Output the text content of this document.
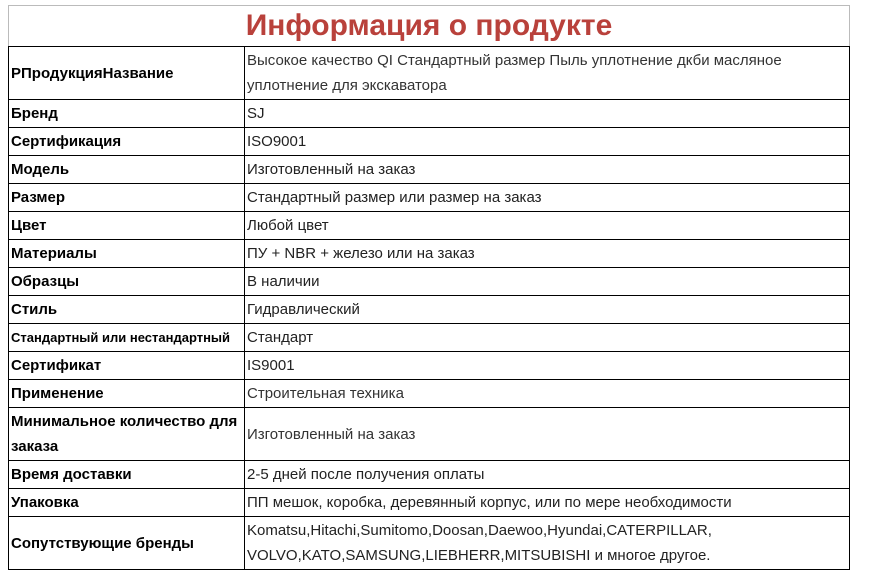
Информация о продукте	
РПродукцияНазвание	Высокое качество QI Стандартный размер Пыль уплотнение дкби масляное уплотнение для экскаватора
Бренд	SJ
Сертификация	ISO9001
Модель	Изготовленный на заказ
Размер	Стандартный размер или размер на заказ
Цвет	Любой цвет
Материалы	ПУ + NBR + железо или на заказ
Образцы	В наличии
Стиль	Гидравлический
Стандартный или нестандартный	Стандарт
Сертификат	IS9001
Применение	Строительная техника
Минимальное количество для заказа	Изготовленный на заказ
Время доставки	2-5 дней после получения оплаты
Упаковка	ПП мешок, коробка, деревянный корпус, или по мере необходимости
Сопутствующие бренды	Komatsu,Hitachi,Sumitomo,Doosan,Daewoo,Hyundai,CATERPILLAR, VOLVO,KATO,SAMSUNG,LIEBHERR,MITSUBISHI и многое другое.
